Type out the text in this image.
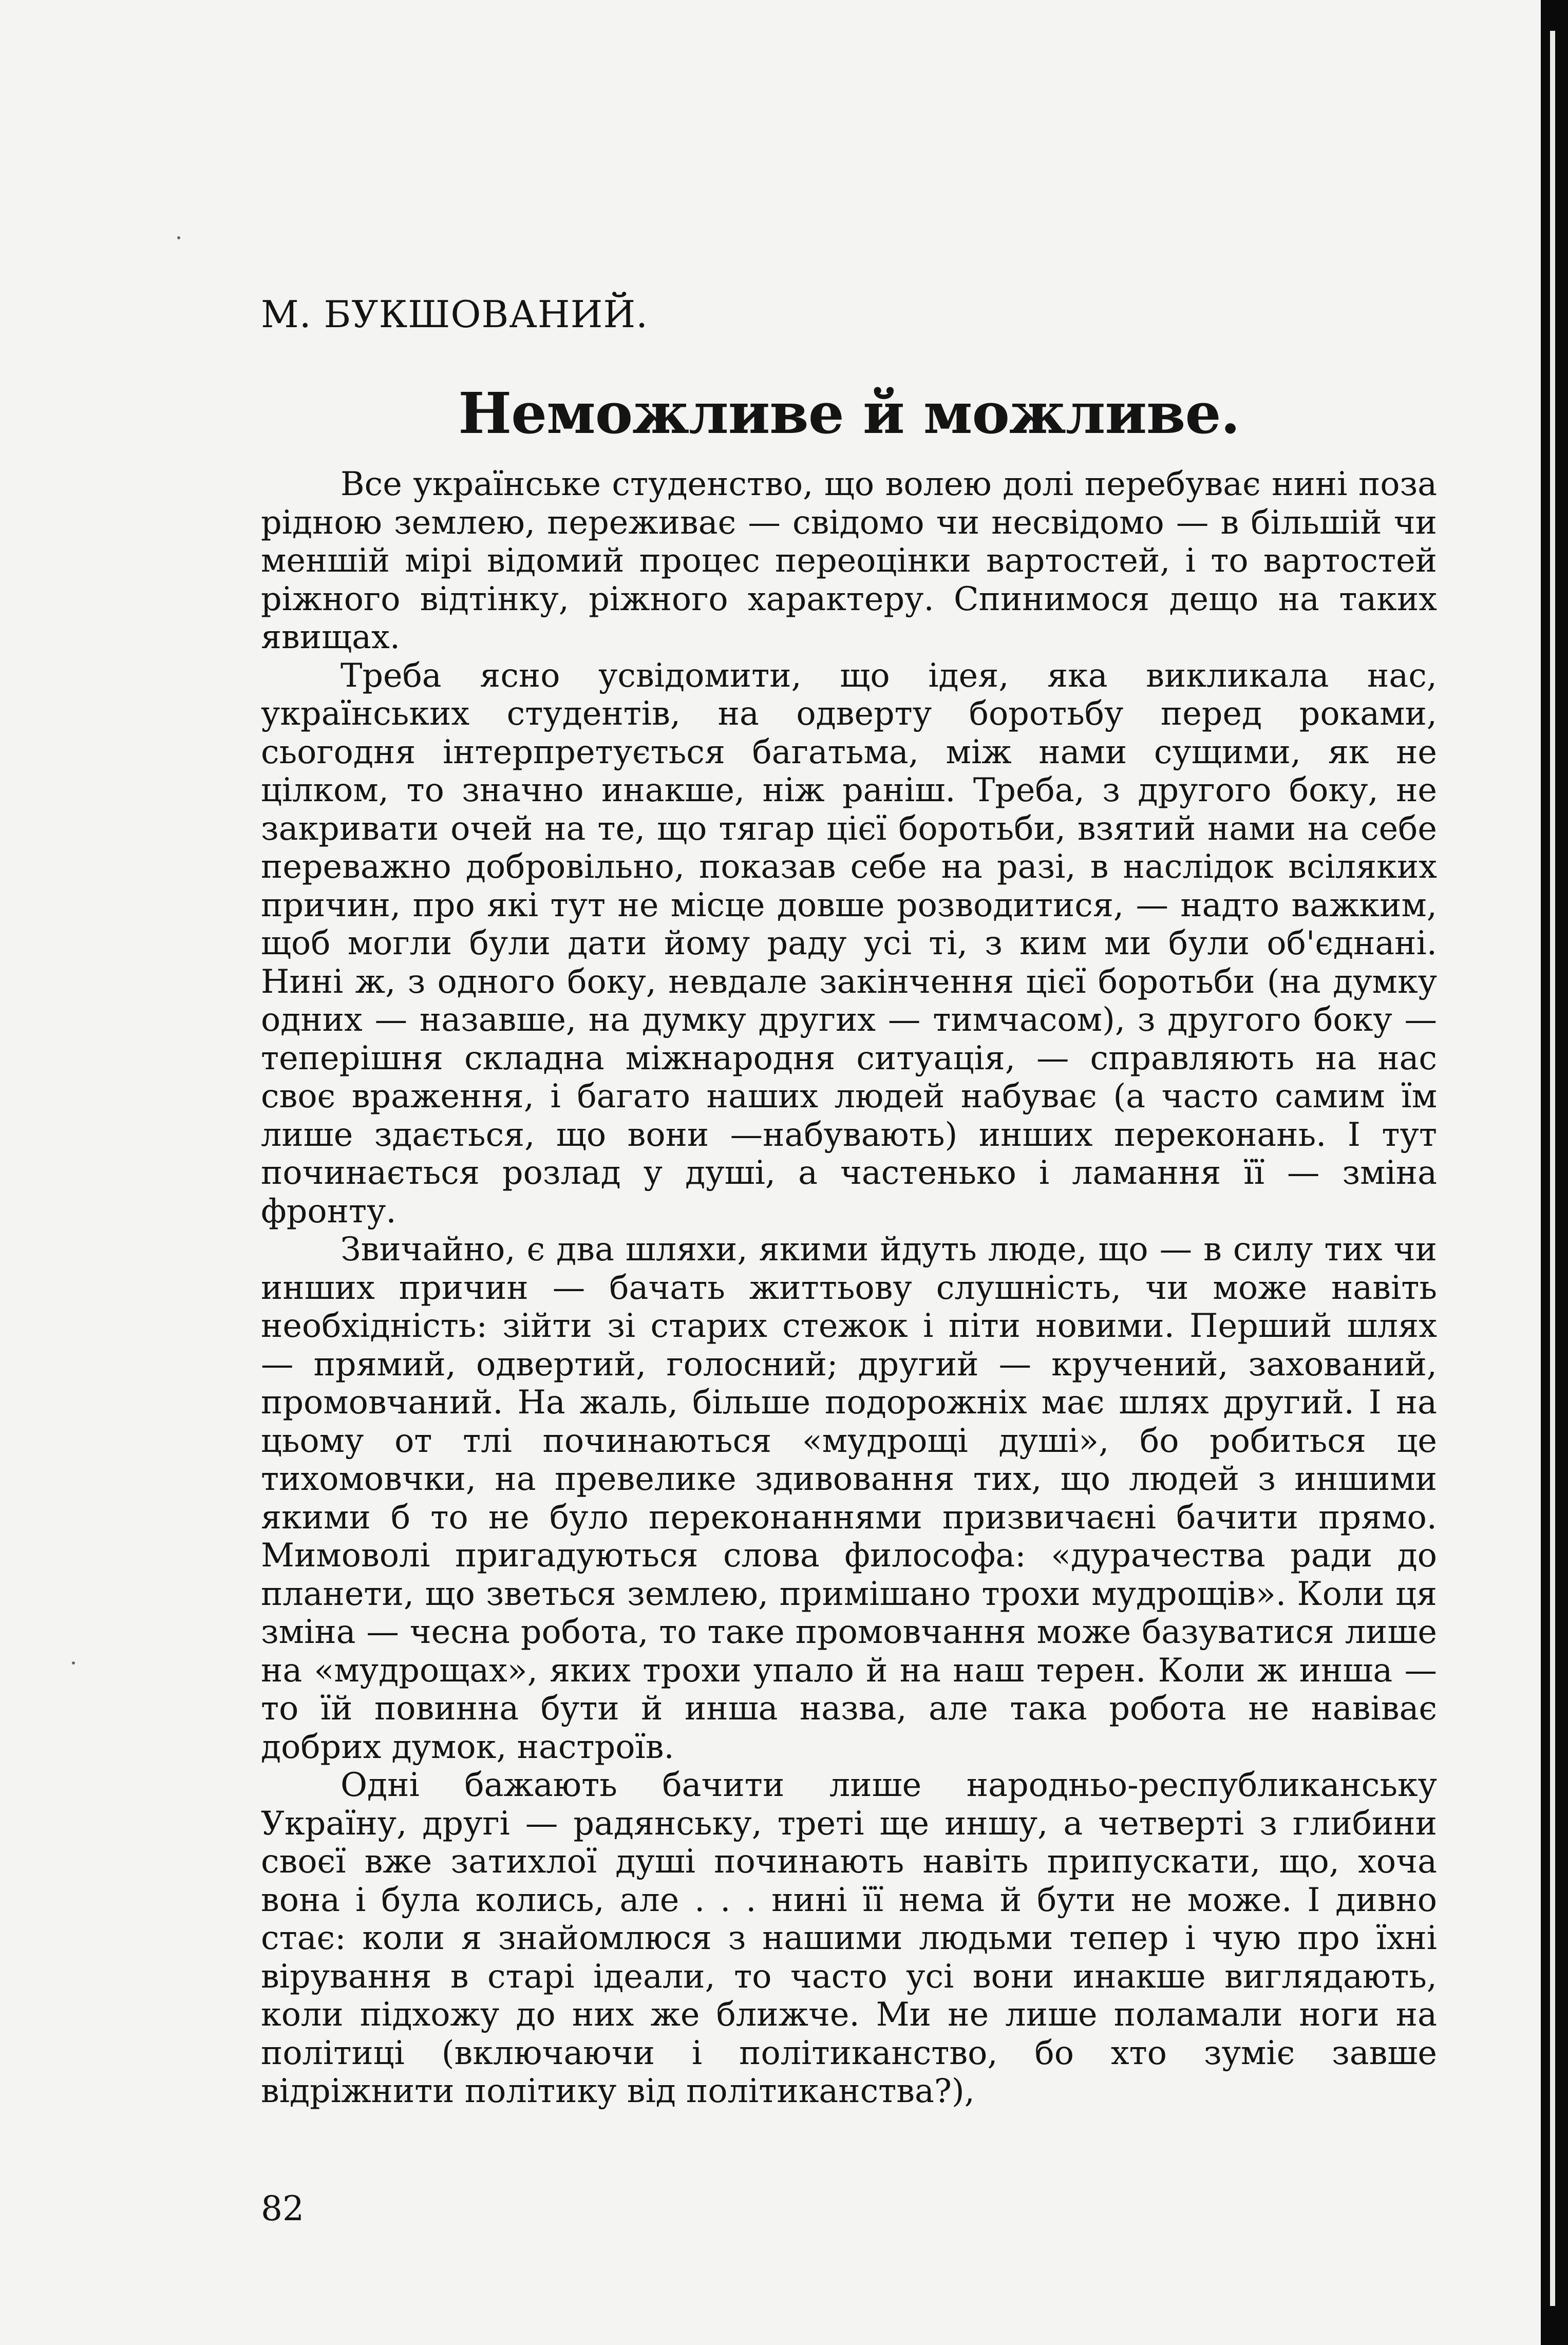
М. БУКШОВАНИЙ.
Неможливе й можливе.

Все українське студенство, що волею долі перебуває нині поза рідною землею, переживає — свідомо чи несвідомо — в більшій чи меншій мірі відомий процес переоцінки вартостей, і то вартостей ріжного відтінку, ріжного характеру. Спинимося дещо на таких явищах.

Треба ясно усвідомити, що ідея, яка викликала нас, українських студентів, на одверту боротьбу перед роками, сьогодня інтерпретується багатьма, між нами сущими, як не цілком, то значно инакше, ніж раніш. Треба, з другого боку, не закривати очей на те, що тягар цієї боротьби, взятий нами на себе переважно добровільно, показав себе на разі, в наслідок всіляких причин, про які тут не місце довше розводитися, — надто важким, щоб могли були дати йому раду усі ті, з ким ми були об'єднані. Нині ж, з одного боку, невдале закінчення цієї боротьби (на думку одних — назавше, на думку других — тимчасом), з другого боку — теперішня складна міжнародня ситуація, — справляють на нас своє враження, і багато наших людей набуває (а часто самим їм лише здається, що вони —набувають) инших переконань. І тут починається розлад у душі, а частенько і ламання її — зміна фронту.

Звичайно, є два шляхи, якими йдуть люде, що — в силу тих чи инших причин — бачать життьову слушність, чи може навіть необхідність: зійти зі старих стежок і піти новими. Перший шлях — прямий, одвертий, голосний; другий — кручений, захований, промовчаний. На жаль, більше подорожніх має шлях другий. І на цьому от тлі починаються «мудрощі душі», бо робиться це тихомовчки, на превелике здивовання тих, що людей з иншими якими б то не було переконаннями призвичаєні бачити прямо. Мимоволі пригадуються слова философа: «дурачества ради до планети, що зветься землею, примішано трохи мудрощів». Коли ця зміна — чесна робота, то таке промовчання може базуватися лише на «мудрощах», яких трохи упало й на наш терен. Коли ж инша — то їй повинна бути й инша назва, але така робота не навіває добрих думок, настроїв.

Одні бажають бачити лише народньо-республиканську Україну, другі — радянську, треті ще иншу, а четверті з глибини своєї вже затихлої душі починають навіть припускати, що, хоча вона і була колись, але . . . нині її нема й бути не може. І дивно стає: коли я знайомлюся з нашими людьми тепер і чую про їхні вірування в старі ідеали, то часто усі вони инакше виглядають, коли підхожу до них же ближче. Ми не лише поламали ноги на політиці (включаючи і політиканство, бо хто зуміє завше відріжнити політику від політиканства?),

82
